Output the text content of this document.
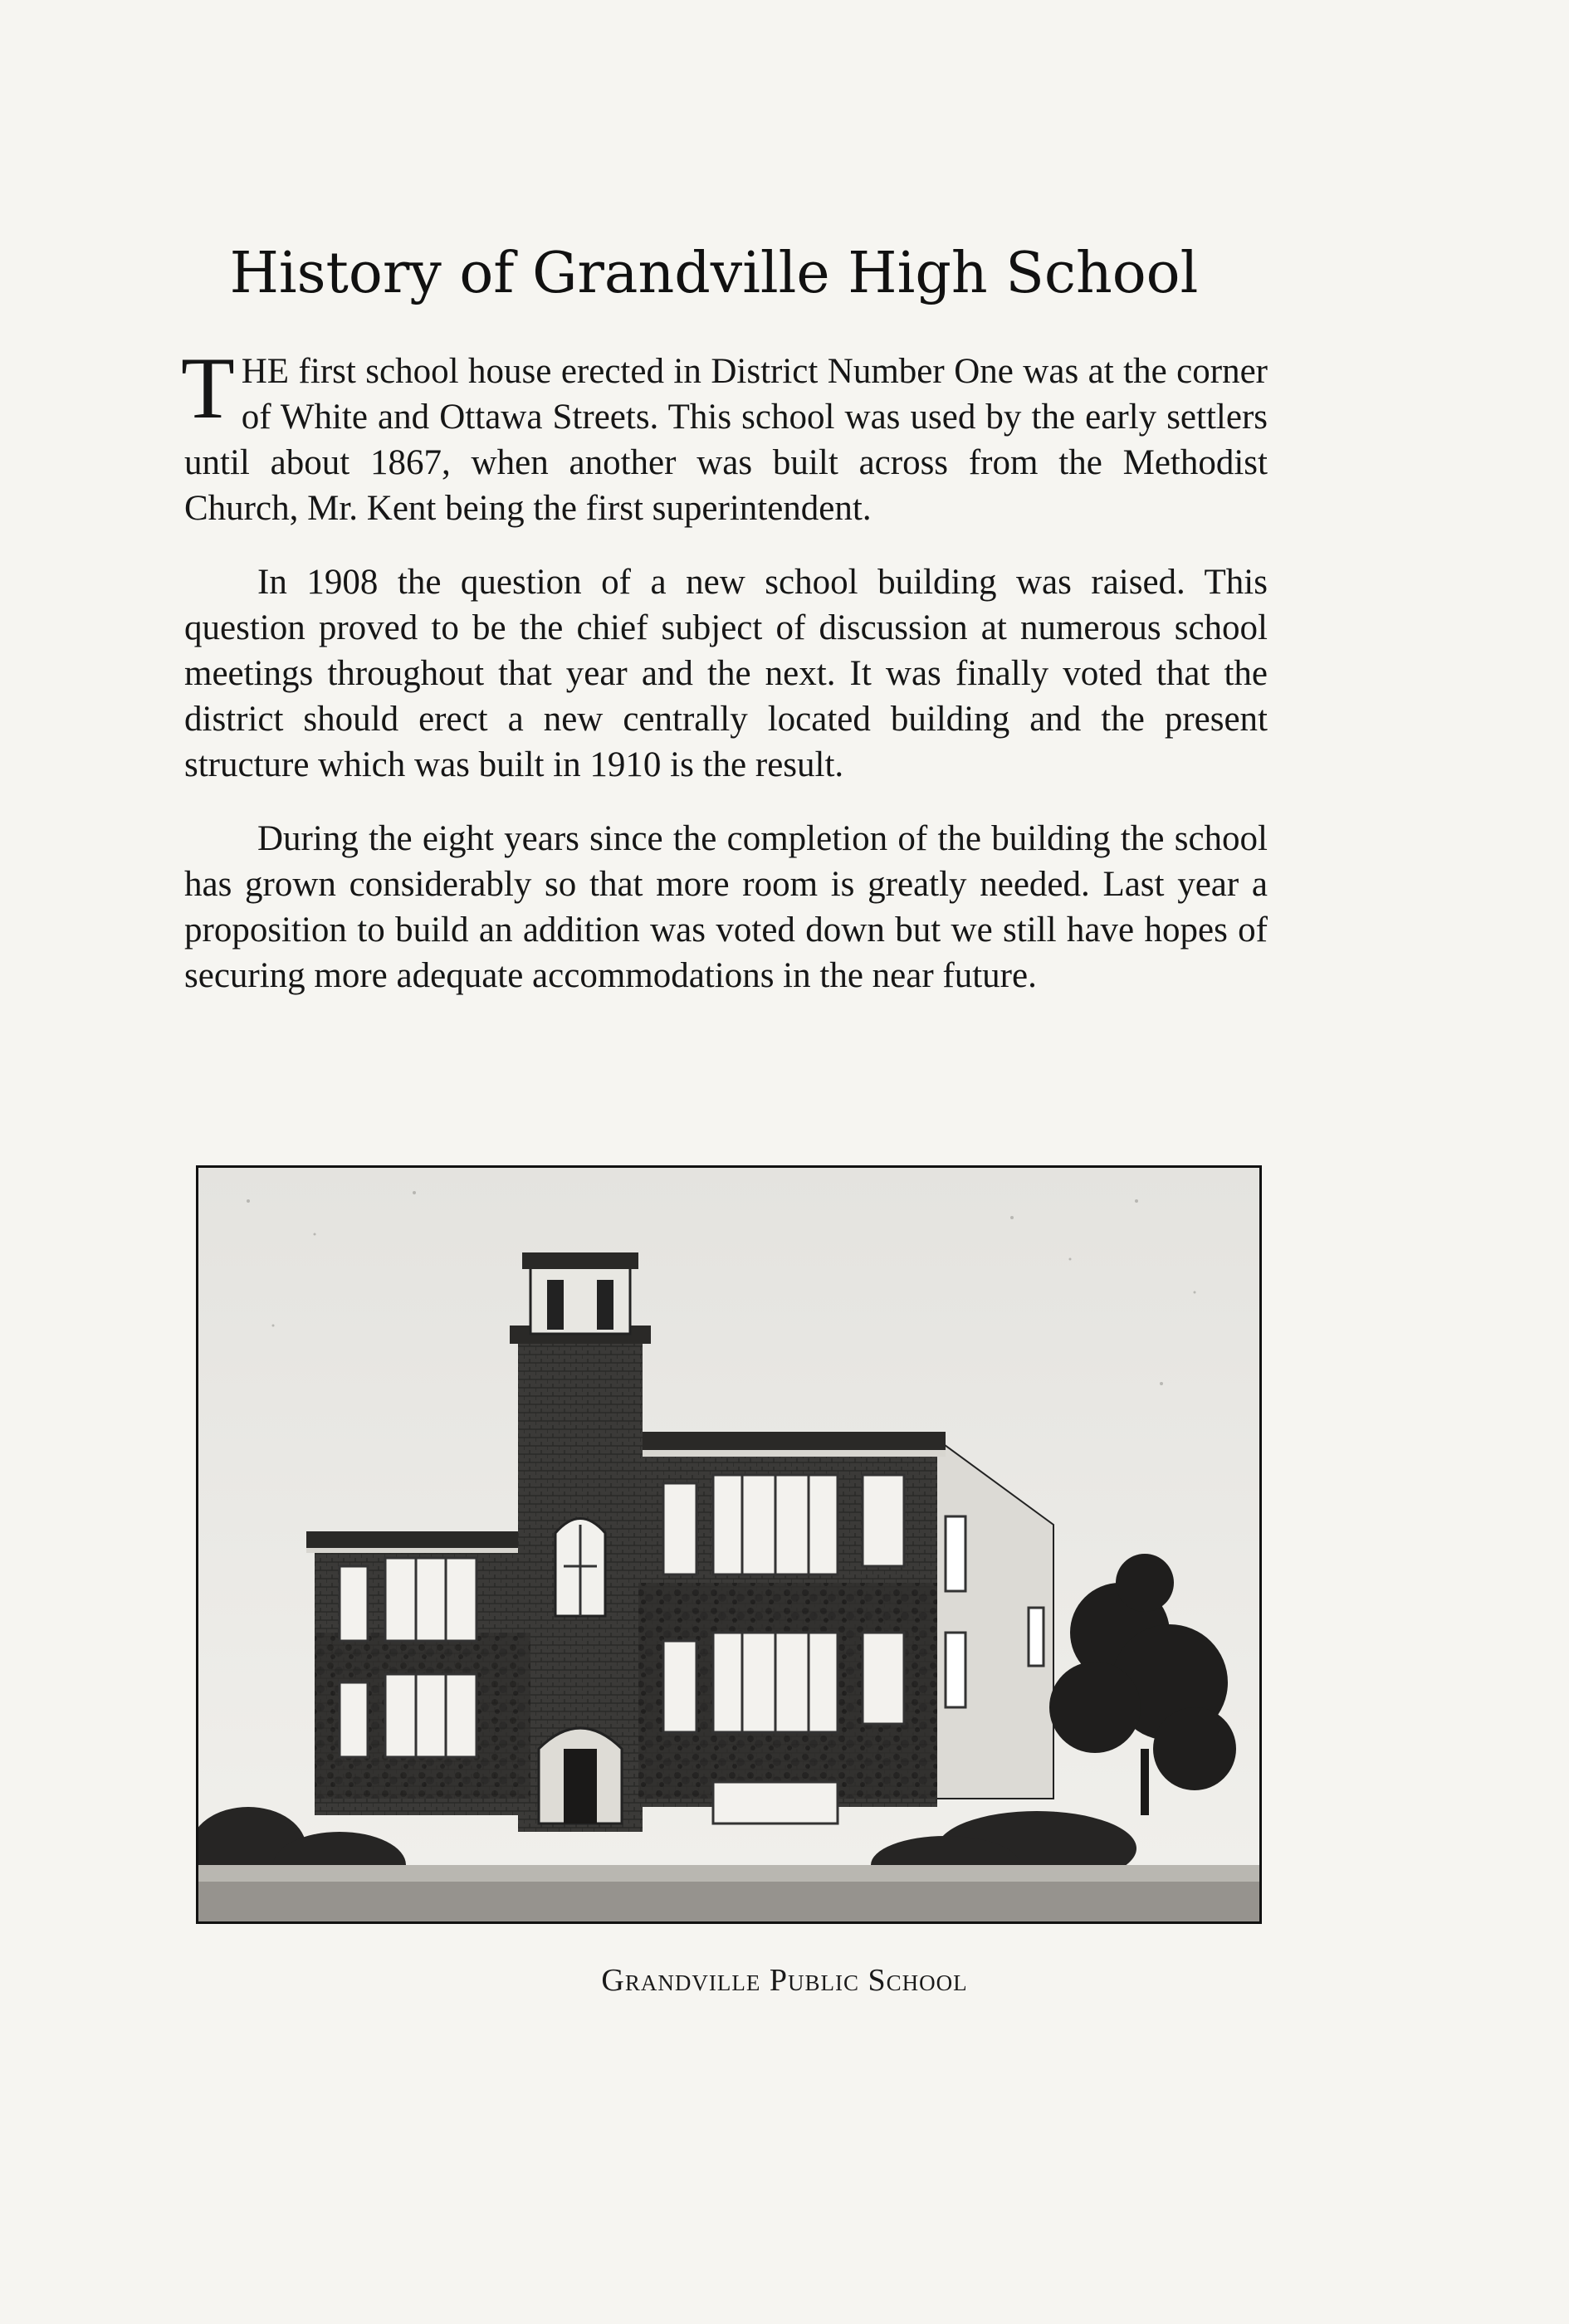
History of Grandville High School

THE first school house erected in District Number One was at the corner of White and Ottawa Streets. This school was used by the early settlers until about 1867, when another was built across from the Methodist Church, Mr. Kent being the first superintendent.

In 1908 the question of a new school building was raised. This question proved to be the chief subject of discussion at numerous school meetings throughout that year and the next. It was finally voted that the district should erect a new centrally located building and the present structure which was built in 1910 is the result.

During the eight years since the completion of the building the school has grown considerably so that more room is greatly needed. Last year a proposition to build an addition was voted down but we still have hopes of securing more adequate accommodations in the near future.

Grandville Public School
